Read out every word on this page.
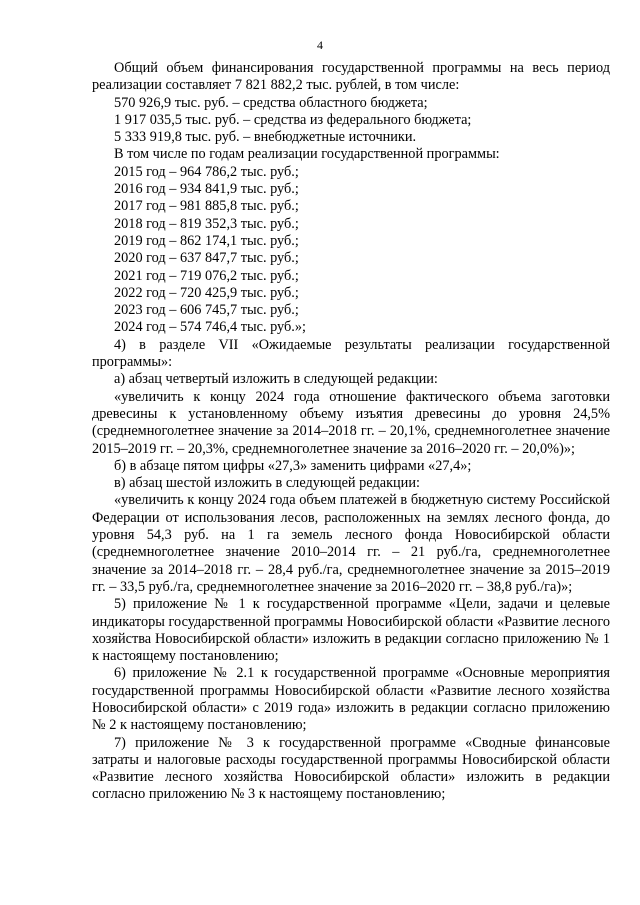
4

Общий объем финансирования государственной программы на весь период реализации составляет 7 821 882,2 тыс. рублей, в том числе:

570 926,9 тыс. руб. – средства областного бюджета;

1 917 035,5 тыс. руб. – средства из федерального бюджета;

5 333 919,8 тыс. руб. – внебюджетные источники.

В том числе по годам реализации государственной программы:

2015 год – 964 786,2 тыс. руб.;

2016 год – 934 841,9 тыс. руб.;

2017 год – 981 885,8 тыс. руб.;

2018 год – 819 352,3 тыс. руб.;

2019 год – 862 174,1 тыс. руб.;

2020 год – 637 847,7 тыс. руб.;

2021 год – 719 076,2 тыс. руб.;

2022 год – 720 425,9 тыс. руб.;

2023 год – 606 745,7 тыс. руб.;

2024 год – 574 746,4 тыс. руб.»;

4) в разделе VII «Ожидаемые результаты реализации государственной программы»:

а) абзац четвертый изложить в следующей редакции:

«увеличить к концу 2024 года отношение фактического объема заготовки древесины к установленному объему изъятия древесины до уровня 24,5% (среднемноголетнее значение за 2014–2018 гг. – 20,1%, среднемноголетнее значение 2015–2019 гг. – 20,3%, среднемноголетнее значение за 2016–2020 гг. – 20,0%)»;

б) в абзаце пятом цифры «27,3» заменить цифрами «27,4»;

в) абзац шестой изложить в следующей редакции:

«увеличить к концу 2024 года объем платежей в бюджетную систему Российской Федерации от использования лесов, расположенных на землях лесного фонда, до уровня 54,3 руб. на 1 га земель лесного фонда Новосибирской области (среднемноголетнее значение 2010–2014 гг. – 21 руб./га, среднемноголетнее значение за 2014–2018 гг. – 28,4 руб./га, среднемноголетнее значение за 2015–2019 гг. – 33,5 руб./га, среднемноголетнее значение за 2016–2020 гг. – 38,8 руб./га)»;

5) приложение № 1 к государственной программе «Цели, задачи и целевые индикаторы государственной программы Новосибирской области «Развитие лесного хозяйства Новосибирской области» изложить в редакции согласно приложению № 1 к настоящему постановлению;

6) приложение № 2.1 к государственной программе «Основные мероприятия государственной программы Новосибирской области «Развитие лесного хозяйства Новосибирской области» с 2019 года» изложить в редакции согласно приложению № 2 к настоящему постановлению;

7) приложение № 3 к государственной программе «Сводные финансовые затраты и налоговые расходы государственной программы Новосибирской области «Развитие лесного хозяйства Новосибирской области» изложить в редакции согласно приложению № 3 к настоящему постановлению;
